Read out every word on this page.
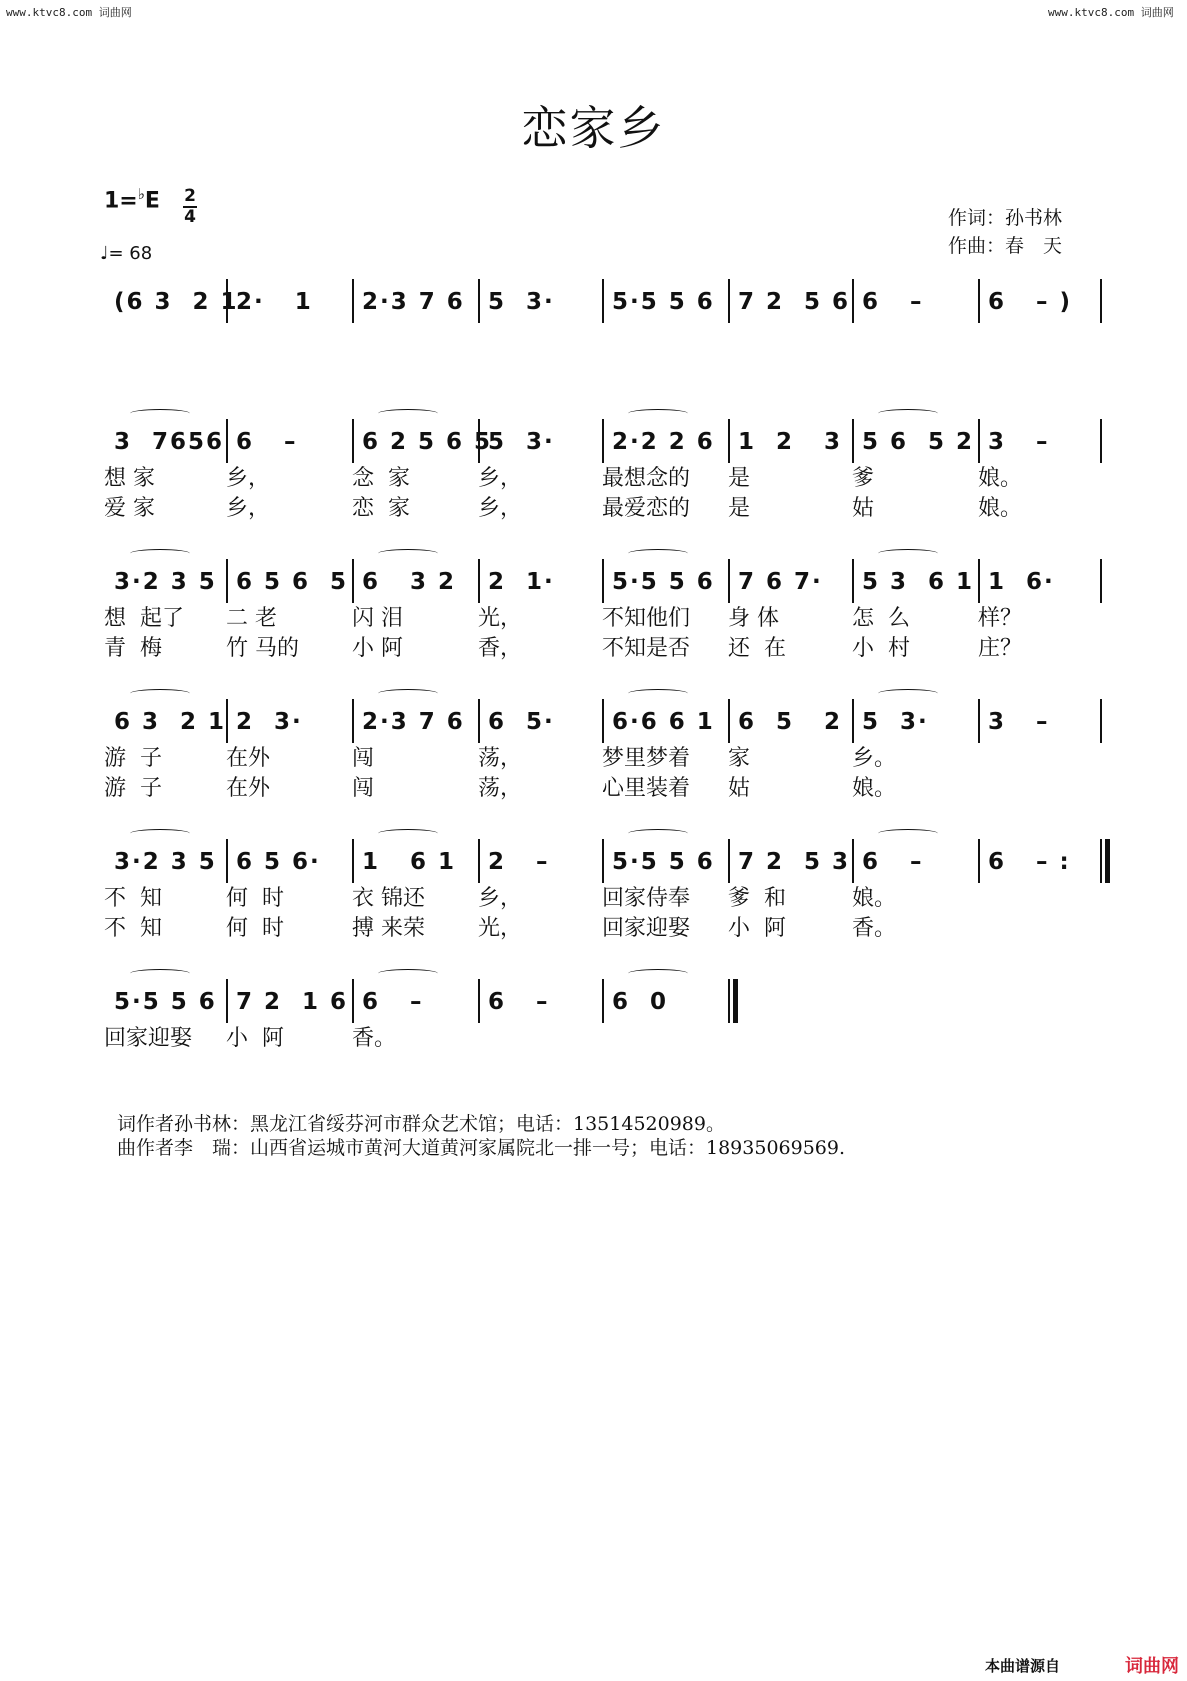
www.ktvc8.com 词曲网	www.ktvc8.com 词曲网
恋家乡
1=♭E 2
4
♩= 68
作词：孙书林
作曲：春　天
(6 3  2 1
2·   1 2·3 7 6 5  3· 5·5 5 6 7 2  5 6 6   –	6   – )
3  7656 6   –	6 2 5 6 5
5  3· 2·2 2 6 1  2   3 5 6  5 2 3   –
想 家	乡，	念  家	乡，	最想念的 是	爹	娘。
爱 家	乡，	恋  家	乡，	最爱恋的 是	姑	娘。
3·2 3 5 6 5 6  5 6   3 2 2  1· 5·5 5 6 7 6 7· 5 3  6 1 1  6·
想  起了 二 老	闪 泪	光，	不知他们 身 体	怎  么	样？
青  梅	竹 马的 小 阿	香，	不知是否 还  在	小  村	庄？
6 3  2 1 2  3·	2·3 7 6 6  5· 6·6 6 1 6  5   2 5  3·	3   –
游  子	在外	闯	荡，	梦里梦着 家	乡。
游  子	在外	闯	荡，	心里装着 姑	娘。
3·2 3 5 6 5 6· 1   6 1 2   –	5·5 5 6 7 2  5 3 6   –	6   – :
不  知	何  时	衣 锦还 乡，	回家侍奉 爹  和	娘。
不  知	何  时	搏 来荣 光，	回家迎娶 小  阿	香。
5·5 5 6 7 2  1 6 6   –	6   –	6  0
回家迎娶 小  阿	香。
词作者孙书林：黑龙江省绥芬河市群众艺术馆；电话：13514520989。
曲作者李　瑞：山西省运城市黄河大道黄河家属院北一排一号；电话：18935069569.
本曲谱源自	词曲网
